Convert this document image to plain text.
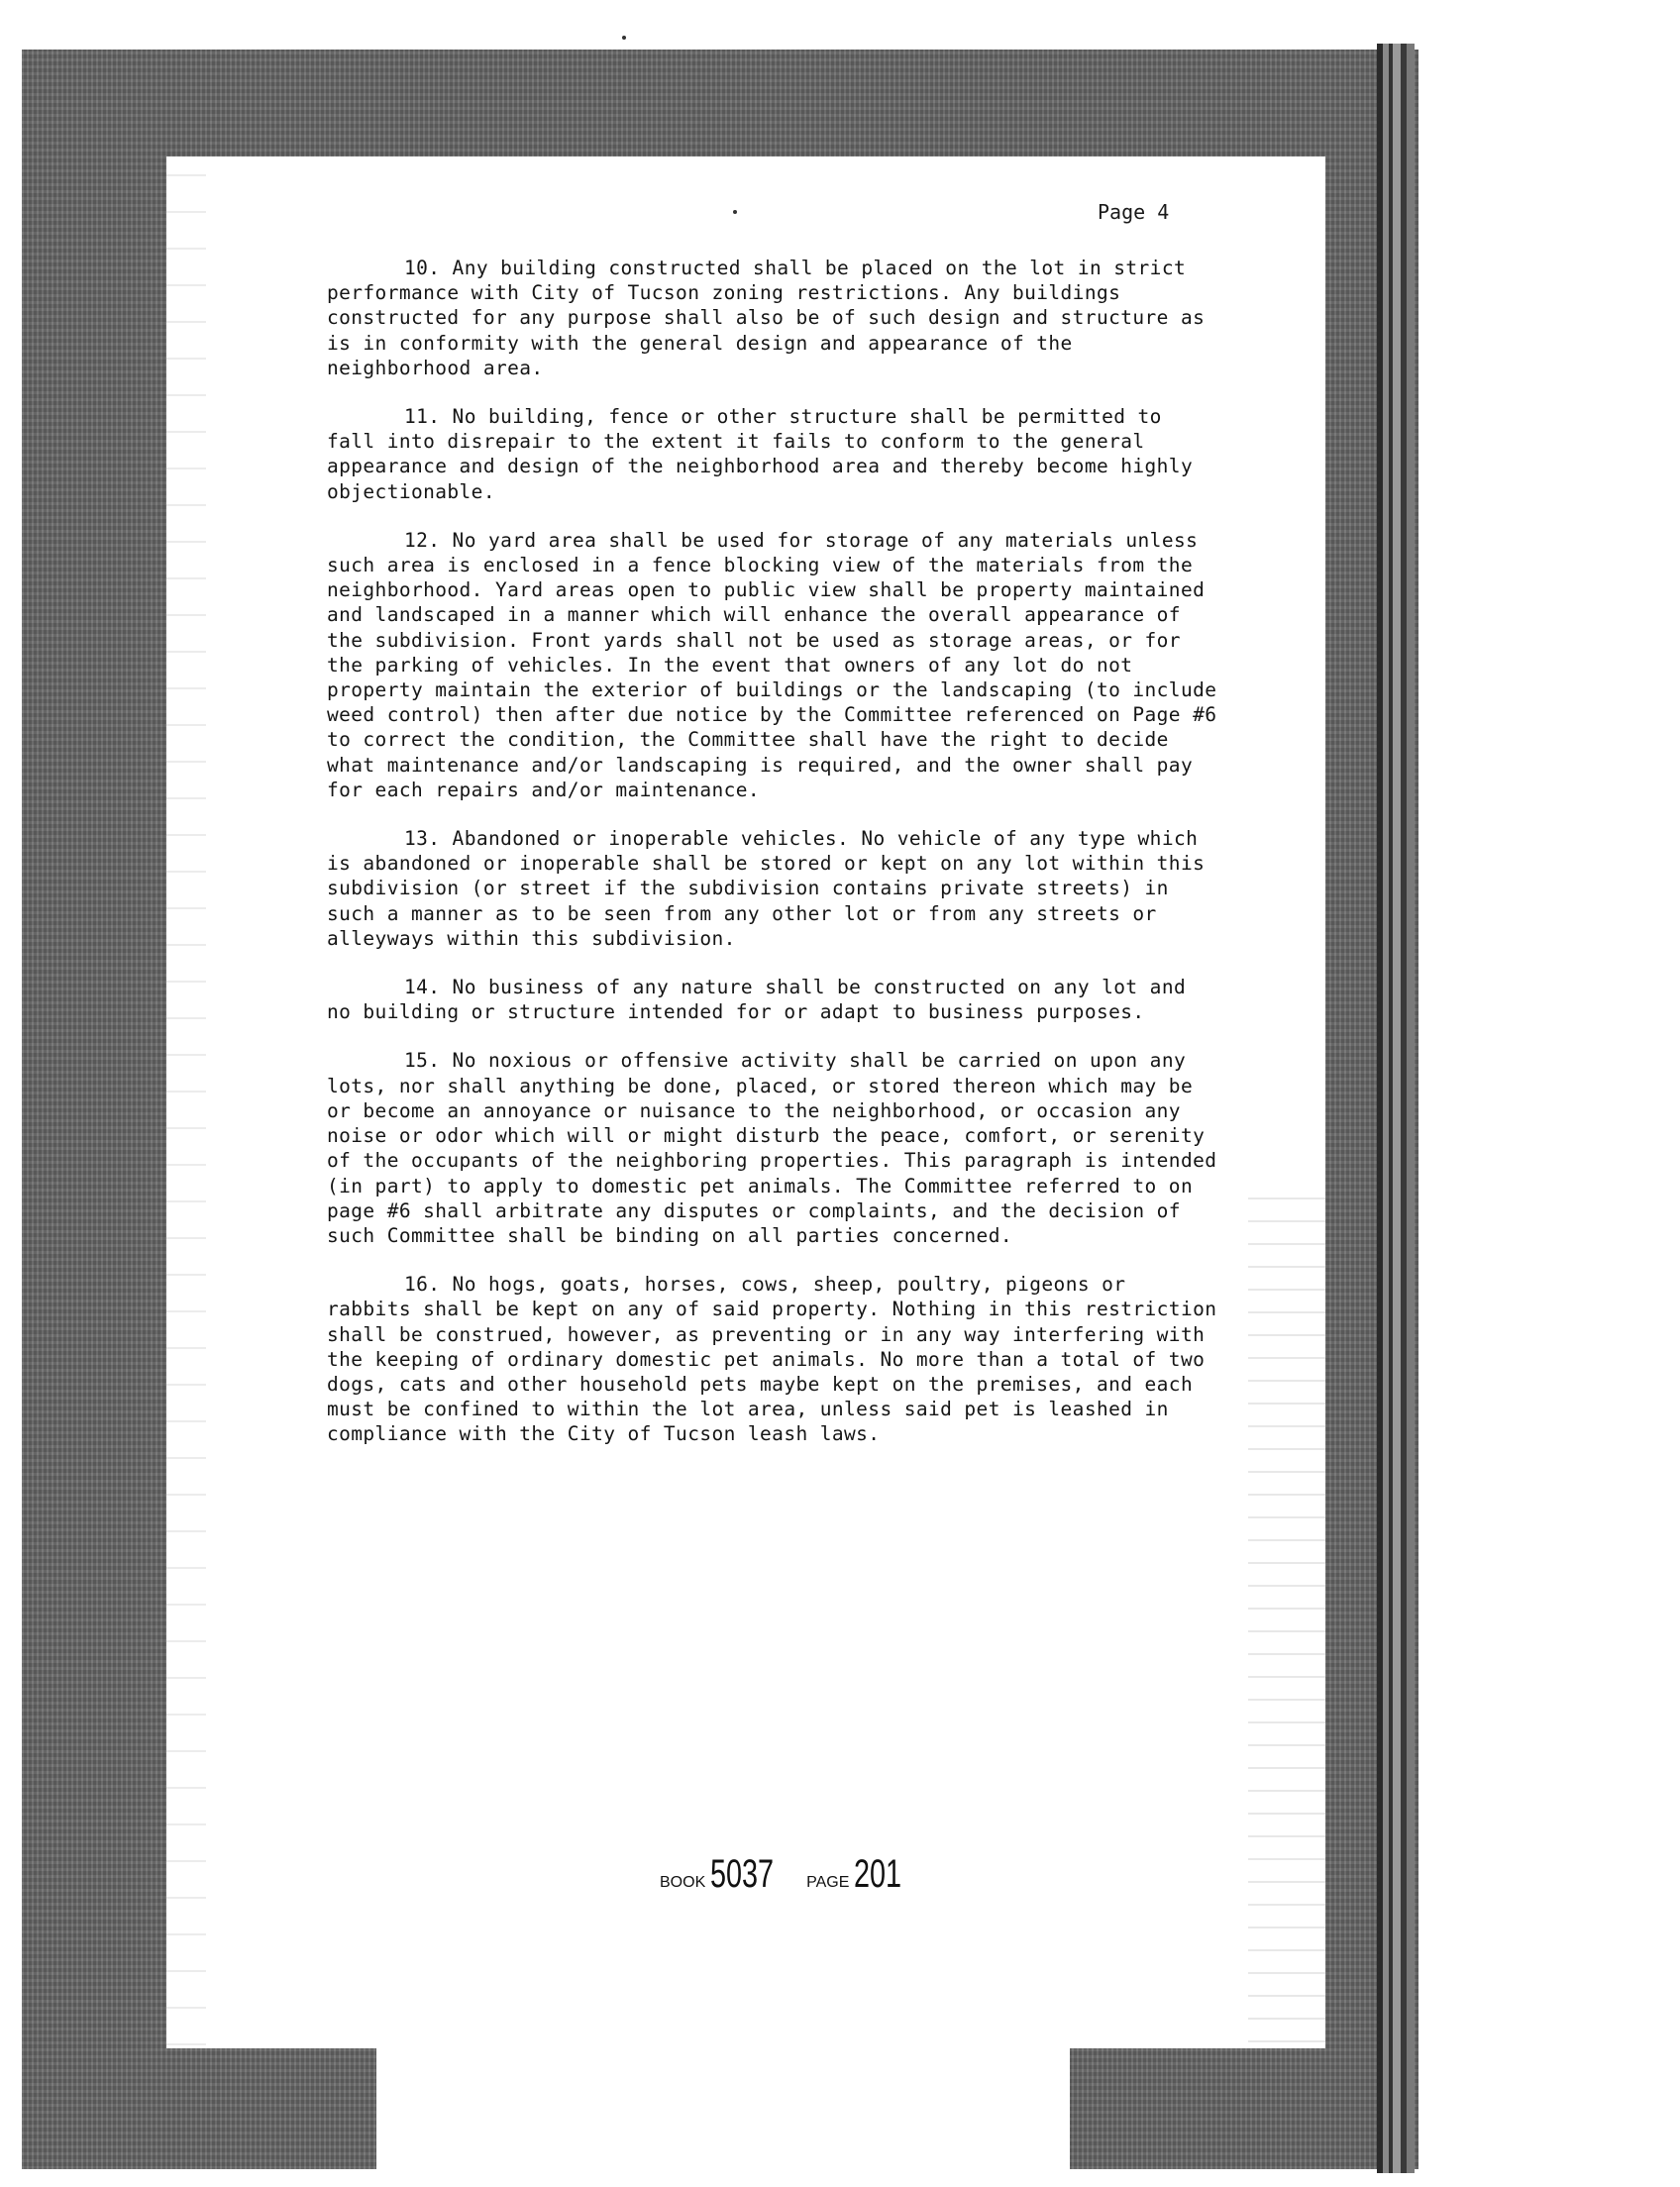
Page 4

10. Any building constructed shall be placed on the lot in strict performance with City of Tucson zoning restrictions. Any buildings constructed for any purpose shall also be of such design and structure as is in conformity with the general design and appearance of the neighborhood area.

11. No building, fence or other structure shall be permitted to fall into disrepair to the extent it fails to conform to the general appearance and design of the neighborhood area and thereby become highly objectionable.

12. No yard area shall be used for storage of any materials unless such area is enclosed in a fence blocking view of the materials from the neighborhood. Yard areas open to public view shall be property maintained and landscaped in a manner which will enhance the overall appearance of the subdivision. Front yards shall not be used as storage areas, or for the parking of vehicles. In the event that owners of any lot do not property maintain the exterior of buildings or the landscaping (to include weed control) then after due notice by the Committee referenced on Page #6 to correct the condition, the Committee shall have the right to decide what maintenance and/or landscaping is required, and the owner shall pay for each repairs and/or maintenance.

13. Abandoned or inoperable vehicles. No vehicle of any type which is abandoned or inoperable shall be stored or kept on any lot within this subdivision (or street if the subdivision contains private streets) in such a manner as to be seen from any other lot or from any streets or alleyways within this subdivision.

14. No business of any nature shall be constructed on any lot and no building or structure intended for or adapt to business purposes.

15. No noxious or offensive activity shall be carried on upon any lots, nor shall anything be done, placed, or stored thereon which may be or become an annoyance or nuisance to the neighborhood, or occasion any noise or odor which will or might disturb the peace, comfort, or serenity of the occupants of the neighboring properties. This paragraph is intended (in part) to apply to domestic pet animals. The Committee referred to on page #6 shall arbitrate any disputes or complaints, and the decision of such Committee shall be binding on all parties concerned.

16. No hogs, goats, horses, cows, sheep, poultry, pigeons or rabbits shall be kept on any of said property. Nothing in this restriction shall be construed, however, as preventing or in any way interfering with the keeping of ordinary domestic pet animals. No more than a total of two dogs, cats and other household pets maybe kept on the premises, and each must be confined to within the lot area, unless said pet is leashed in compliance with the City of Tucson leash laws.

BOOK 5037 PAGE 201
